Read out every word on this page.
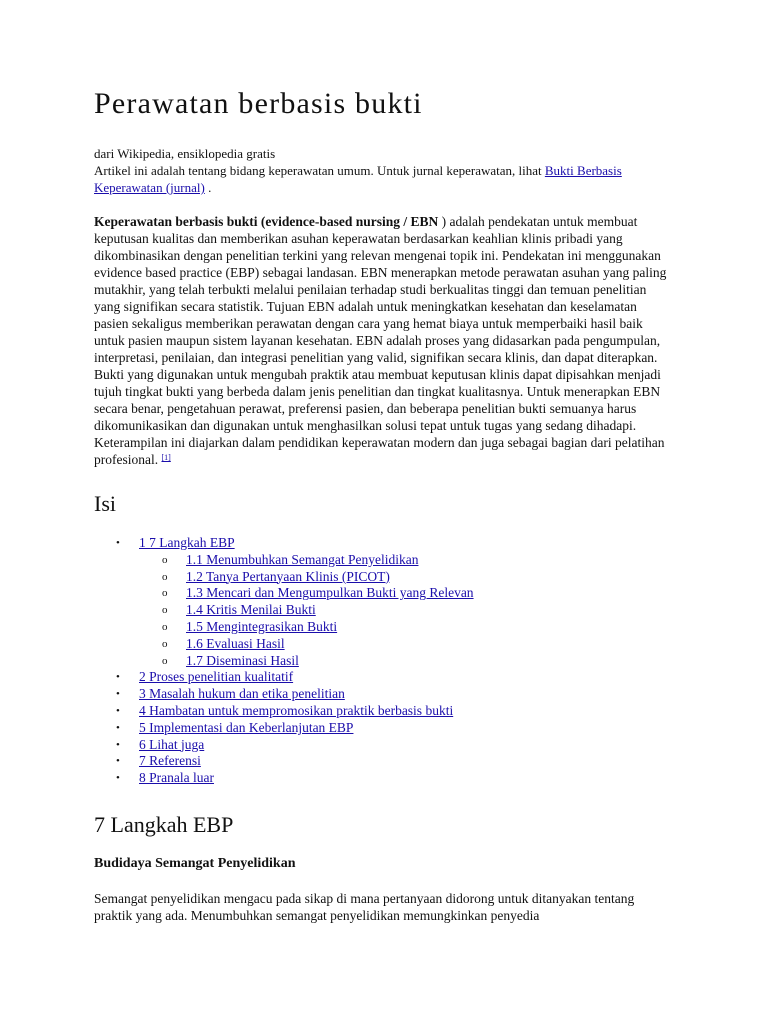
Perawatan berbasis bukti

dari Wikipedia, ensiklopedia gratis

Artikel ini adalah tentang bidang keperawatan umum. Untuk jurnal keperawatan, lihat Bukti Berbasis Keperawatan (jurnal) .

Keperawatan berbasis bukti (evidence-based nursing / EBN ) adalah pendekatan untuk membuat keputusan kualitas dan memberikan asuhan keperawatan berdasarkan keahlian klinis pribadi yang dikombinasikan dengan penelitian terkini yang relevan mengenai topik ini. Pendekatan ini menggunakan evidence based practice (EBP) sebagai landasan. EBN menerapkan metode perawatan asuhan yang paling mutakhir, yang telah terbukti melalui penilaian terhadap studi berkualitas tinggi dan temuan penelitian yang signifikan secara statistik. Tujuan EBN adalah untuk meningkatkan kesehatan dan keselamatan pasien sekaligus memberikan perawatan dengan cara yang hemat biaya untuk memperbaiki hasil baik untuk pasien maupun sistem layanan kesehatan. EBN adalah proses yang didasarkan pada pengumpulan, interpretasi, penilaian, dan integrasi penelitian yang valid, signifikan secara klinis, dan dapat diterapkan. Bukti yang digunakan untuk mengubah praktik atau membuat keputusan klinis dapat dipisahkan menjadi tujuh tingkat bukti yang berbeda dalam jenis penelitian dan tingkat kualitasnya. Untuk menerapkan EBN secara benar, pengetahuan perawat, preferensi pasien, dan beberapa penelitian bukti semuanya harus dikomunikasikan dan digunakan untuk menghasilkan solusi tepat untuk tugas yang sedang dihadapi. Keterampilan ini diajarkan dalam pendidikan keperawatan modern dan juga sebagai bagian dari pelatihan profesional. [1]

Isi
• 1 7 Langkah EBP
o 1.1 Menumbuhkan Semangat Penyelidikan
o 1.2 Tanya Pertanyaan Klinis (PICOT)
o 1.3 Mencari dan Mengumpulkan Bukti yang Relevan
o 1.4 Kritis Menilai Bukti
o 1.5 Mengintegrasikan Bukti
o 1.6 Evaluasi Hasil
o 1.7 Diseminasi Hasil
• 2 Proses penelitian kualitatif
• 3 Masalah hukum dan etika penelitian
• 4 Hambatan untuk mempromosikan praktik berbasis bukti
• 5 Implementasi dan Keberlanjutan EBP
• 6 Lihat juga
• 7 Referensi
• 8 Pranala luar
7 Langkah EBP
Budidaya Semangat Penyelidikan

Semangat penyelidikan mengacu pada sikap di mana pertanyaan didorong untuk ditanyakan tentang praktik yang ada. Menumbuhkan semangat penyelidikan memungkinkan penyedia
